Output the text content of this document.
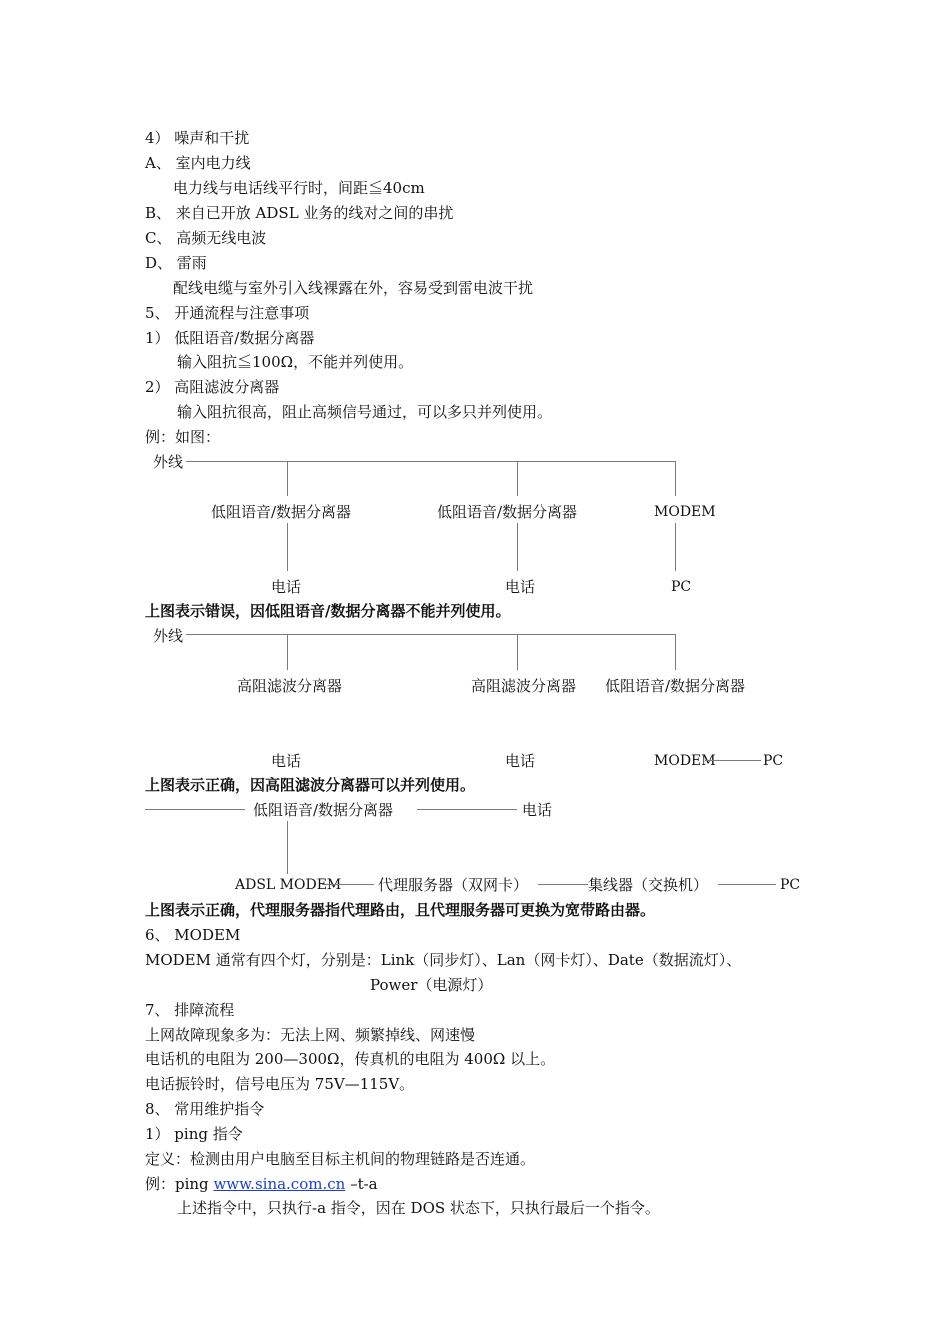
4） 噪声和干扰
A、 室内电力线
电力线与电话线平行时，间距≦40cm
B、 来自已开放 ADSL 业务的线对之间的串扰
C、 高频无线电波
D、 雷雨
配线电缆与室外引入线裸露在外，容易受到雷电波干扰
5、 开通流程与注意事项
1） 低阻语音/数据分离器
输入阻抗≦100Ω，不能并列使用。
2） 高阻滤波分离器
输入阻抗很高，阻止高频信号通过，可以多只并列使用。
例：如图：
外线
低阻语音/数据分离器	低阻语音/数据分离器	MODEM
电话	电话	PC
上图表示错误，因低阻语音/数据分离器不能并列使用。
外线
高阻滤波分离器	高阻滤波分离器 低阻语音/数据分离器
电话	电话	MODEM	PC
上图表示正确，因高阻滤波分离器可以并列使用。
低阻语音/数据分离器	电话
ADSL MODEM 代理服务器（双网卡）	集线器（交换机）	PC
上图表示正确，代理服务器指代理路由，且代理服务器可更换为宽带路由器。
6、 MODEM
MODEM 通常有四个灯，分别是：Link（同步灯）、Lan（网卡灯）、Date（数据流灯）、
Power（电源灯）
7、 排障流程
上网故障现象多为：无法上网、频繁掉线、网速慢
电话机的电阻为 200—300Ω，传真机的电阻为 400Ω 以上。
电话振铃时，信号电压为 75V—115V。
8、 常用维护指令
1） ping 指令
定义：检测由用户电脑至目标主机间的物理链路是否连通。
例：ping www.sina.com.cn –t-a
上述指令中，只执行-a 指令，因在 DOS 状态下，只执行最后一个指令。
